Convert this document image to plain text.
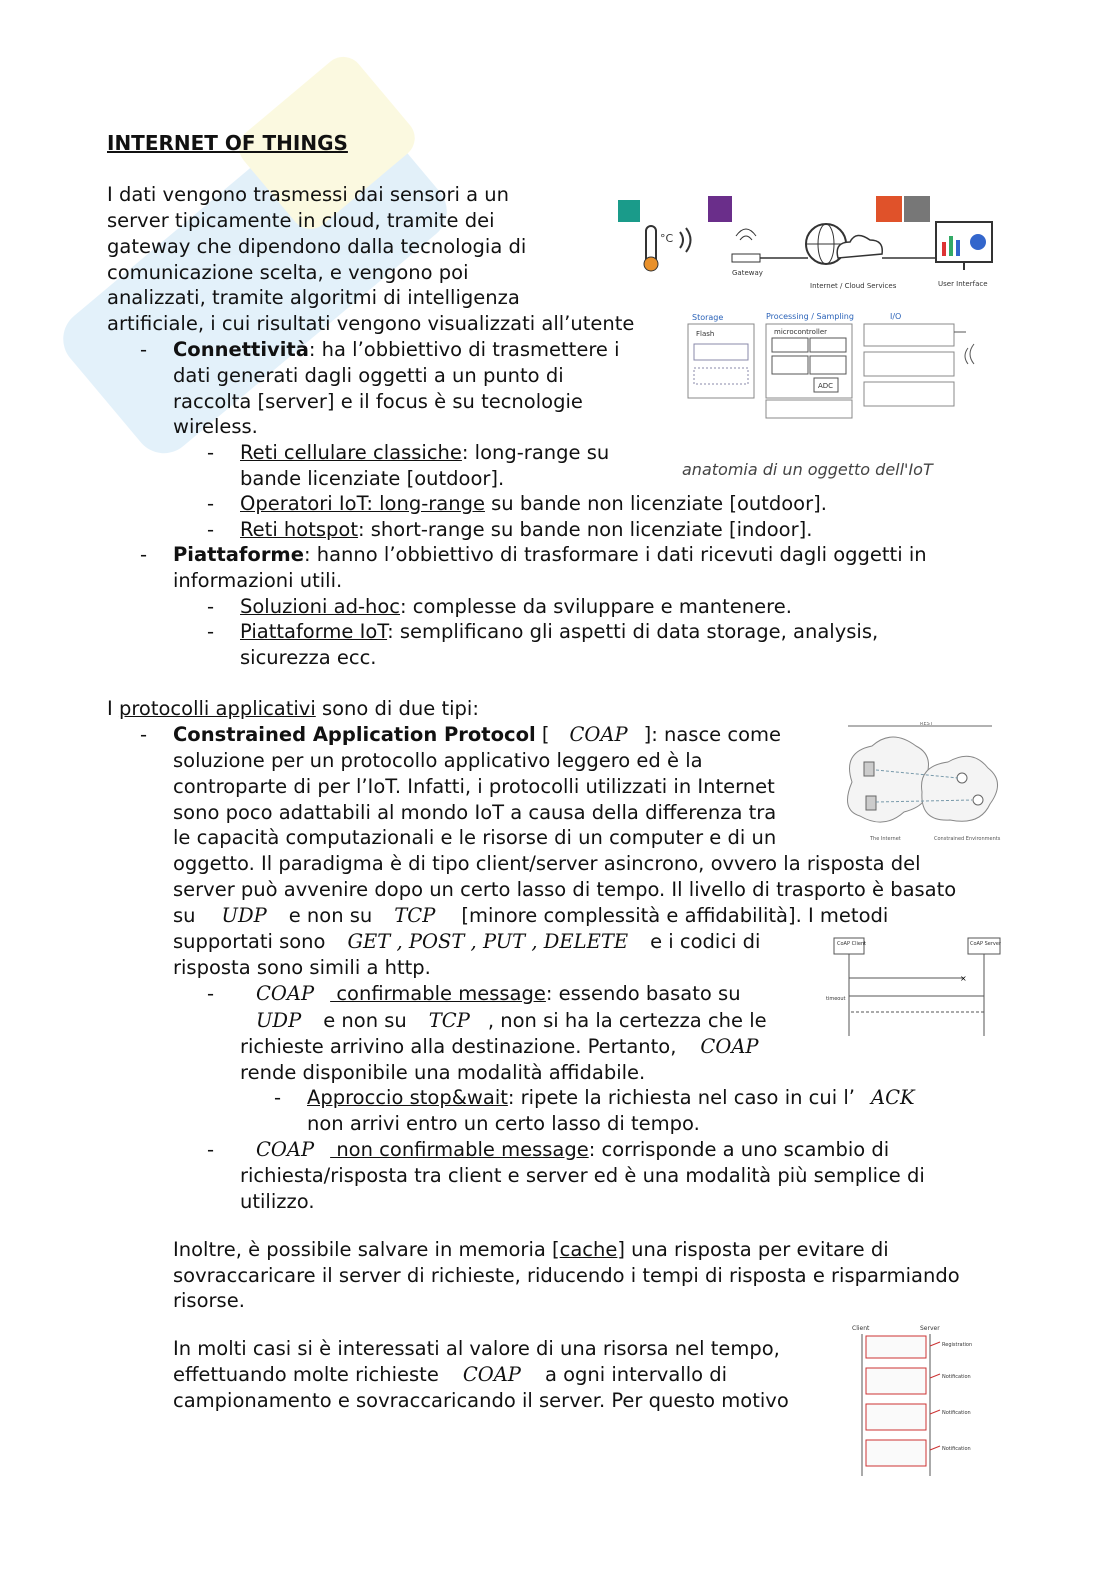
INTERNET OF THINGS
I dati vengono trasmessi dai sensori a un
server tipicamente in cloud, tramite dei
gateway che dipendono dalla tecnologia di
comunicazione scelta, e vengono poi
analizzati, tramite algoritmi di intelligenza
artificiale, i cui risultati vengono visualizzati all’utente
- Connettività: ha l’obbiettivo di trasmettere i
dati generati dagli oggetti a un punto di
raccolta [server] e il focus è su tecnologie
wireless.
- Reti cellulare classiche: long-range su
bande licenziate [outdoor].
- Operatori IoT: long-range su bande non licenziate [outdoor].
- Reti hotspot: short-range su bande non licenziate [indoor].
- Piattaforme: hanno l’obbiettivo di trasformare i dati ricevuti dagli oggetti in
informazioni utili.
- Soluzioni ad-hoc: complesse da sviluppare e mantenere.
- Piattaforme IoT: semplificano gli aspetti di data storage, analysis,
sicurezza ecc.
°C
Gateway
Internet / Cloud Services	User Interface
Storage	Processing / Sampling	I/O
Flash	microcontroller
ADC
anatomia di un oggetto dell'IoT
I protocolli applicativi sono di due tipi:
- Constrained Application Protocol [ COAP ]: nasce come
soluzione per un protocollo applicativo leggero ed è la
controparte di per l’IoT. Infatti, i protocolli utilizzati in Internet
sono poco adattabili al mondo IoT a causa della differenza tra
le capacità computazionali e le risorse di un computer e di un
oggetto. Il paradigma è di tipo client/server asincrono, ovvero la risposta del
server può avvenire dopo un certo lasso di tempo. Il livello di trasporto è basato
su UDP e non su TCP [minore complessità e affidabilità]. I metodi
supportati sono GET , POST , PUT , DELETE e i codici di
risposta sono simili a http.
REST
The Internet	Constrained Environments
-	COAP confirmable message: essendo basato su
UDP e non su TCP , non si ha la certezza che le
richieste arrivino alla destinazione. Pertanto, COAP
rende disponibile una modalità affidabile.
- Approccio stop&wait: ripete la richiesta nel caso in cui l’ ACK
non arrivi entro un certo lasso di tempo.
CoAP Client	CoAP Server
×
timeout
-	COAP non confirmable message: corrisponde a uno scambio di
richiesta/risposta tra client e server ed è una modalità più semplice di
utilizzo.
Inoltre, è possibile salvare in memoria [cache] una risposta per evitare di
sovraccaricare il server di richieste, riducendo i tempi di risposta e risparmiando
risorse.
In molti casi si è interessati al valore di una risorsa nel tempo,
effettuando molte richieste COAP a ogni intervallo di
campionamento e sovraccaricando il server. Per questo motivo
Client	Server
Registration
Notification
Notification
Notification
